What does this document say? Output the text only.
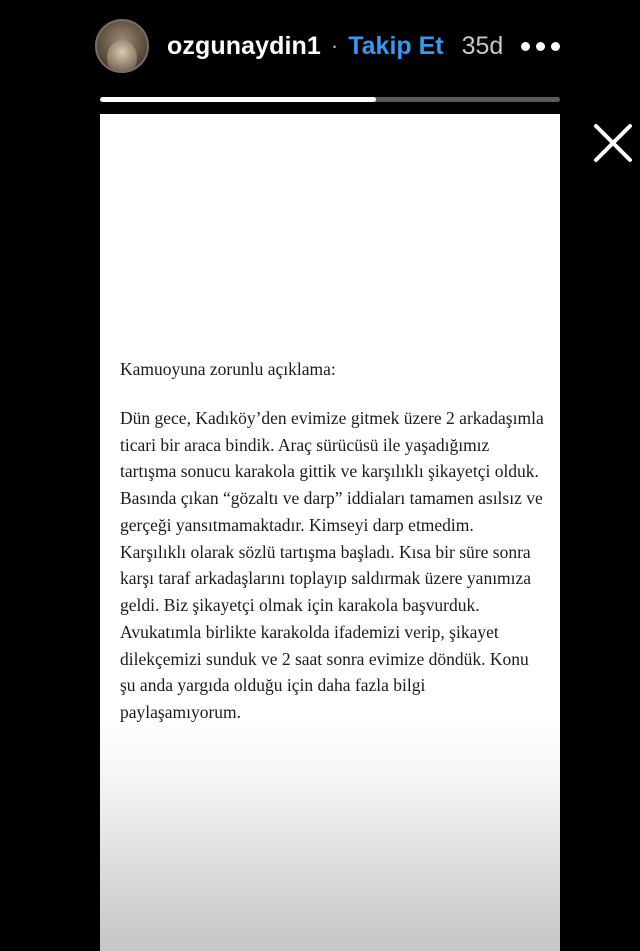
ozgunaydin1 · Takip Et 35d

Kamuoyuna zorunlu açıklama:

Dün gece, Kadıköy’den evimize gitmek üzere 2 arkadaşımla ticari bir araca bindik. Araç sürücüsü ile yaşadığımız tartışma sonucu karakola gittik ve karşılıklı şikayetçi olduk. Basında çıkan “gözaltı ve darp” iddiaları tamamen asılsız ve gerçeği yansıtmamaktadır. Kimseyi darp etmedim. Karşılıklı olarak sözlü tartışma başladı. Kısa bir süre sonra karşı taraf arkadaşlarını toplayıp saldırmak üzere yanımıza geldi. Biz şikayetçi olmak için karakola başvurduk. Avukatımla birlikte karakolda ifademizi verip, şikayet dilekçemizi sunduk ve 2 saat sonra evimize döndük. Konu şu anda yargıda olduğu için daha fazla bilgi paylaşamıyorum.
